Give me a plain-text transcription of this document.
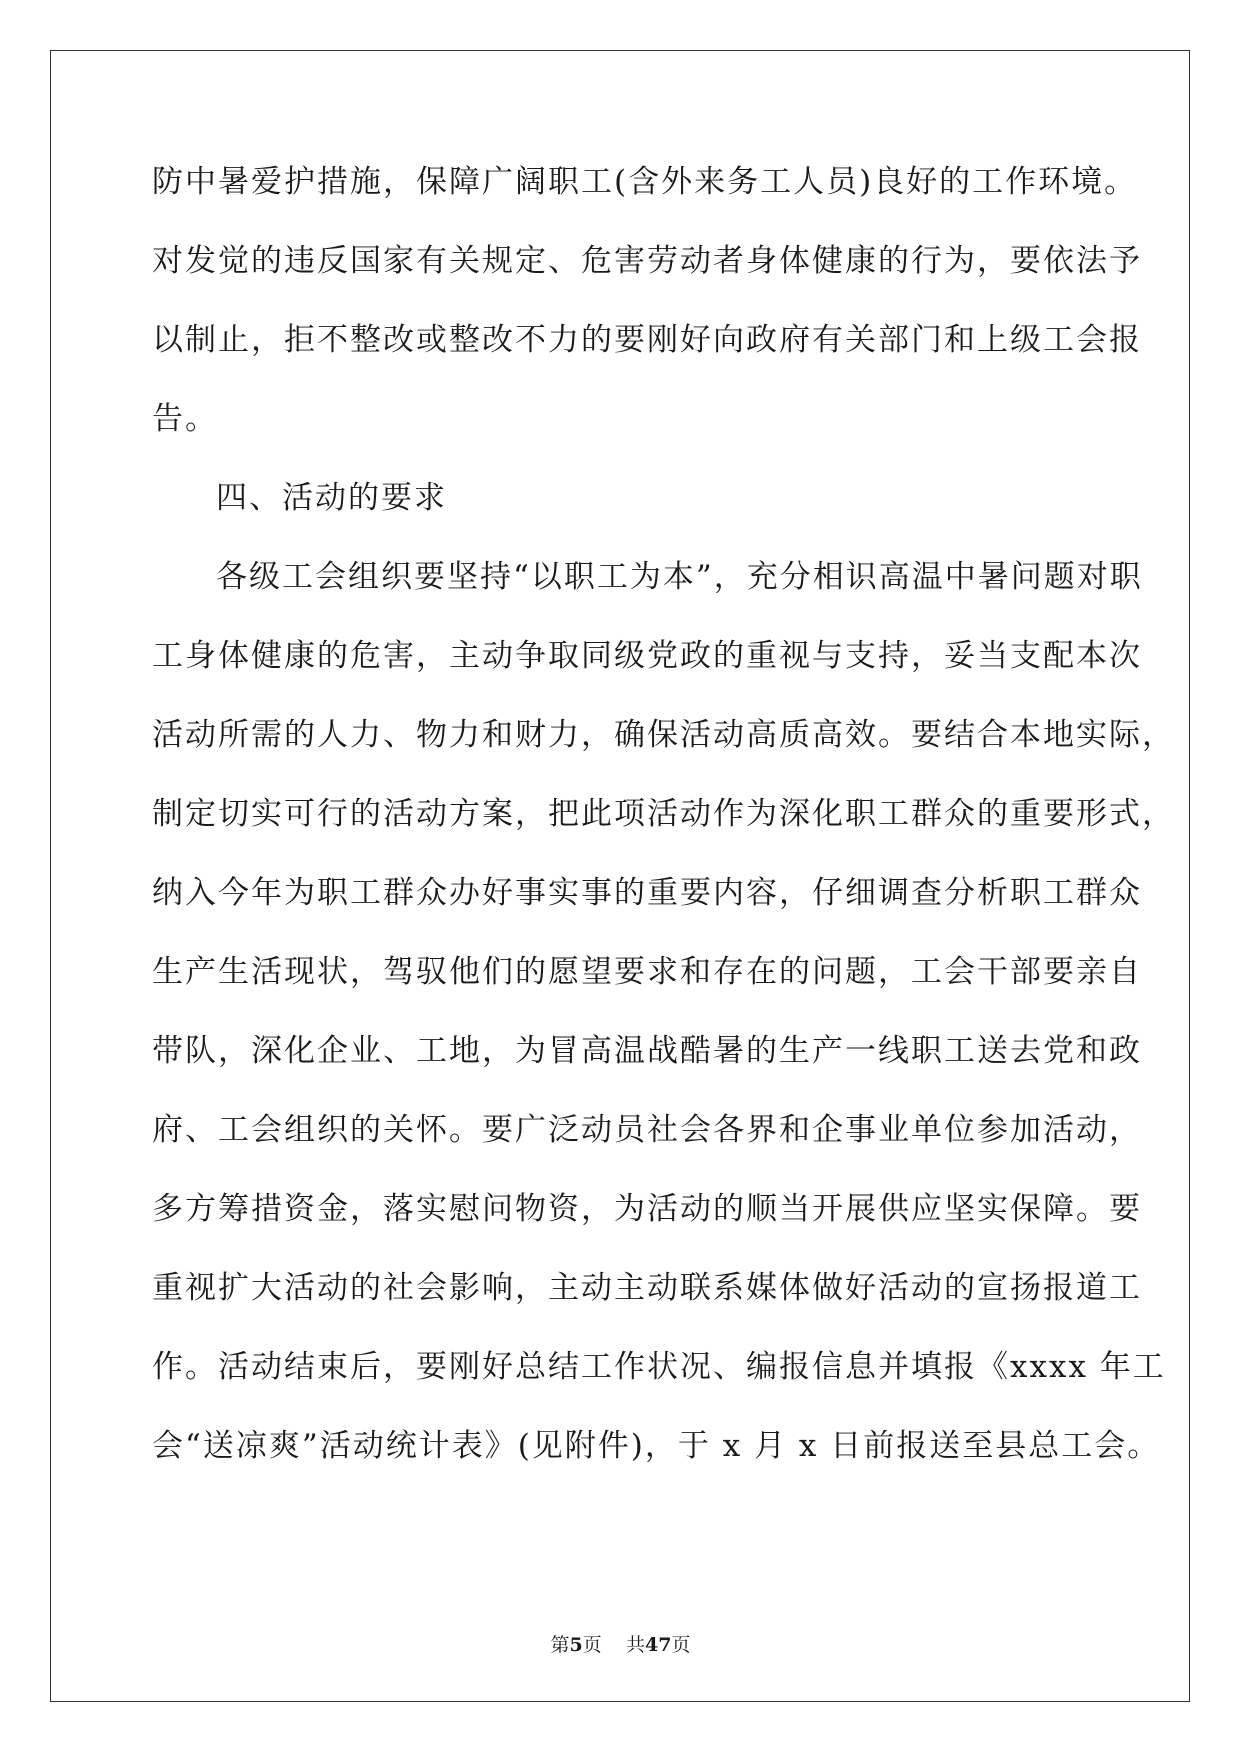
防中暑爱护措施，保障广阔职工(含外来务工人员)良好的工作环境。
对发觉的违反国家有关规定、危害劳动者身体健康的行为，要依法予
以制止，拒不整改或整改不力的要刚好向政府有关部门和上级工会报
告。
四、活动的要求
各级工会组织要坚持“以职工为本”，充分相识高温中暑问题对职
工身体健康的危害，主动争取同级党政的重视与支持，妥当支配本次
活动所需的人力、物力和财力，确保活动高质高效。要结合本地实际，
制定切实可行的活动方案，把此项活动作为深化职工群众的重要形式，
纳入今年为职工群众办好事实事的重要内容，仔细调查分析职工群众
生产生活现状，驾驭他们的愿望要求和存在的问题，工会干部要亲自
带队，深化企业、工地，为冒高温战酷暑的生产一线职工送去党和政
府、工会组织的关怀。要广泛动员社会各界和企事业单位参加活动，
多方筹措资金，落实慰问物资，为活动的顺当开展供应坚实保障。要
重视扩大活动的社会影响，主动主动联系媒体做好活动的宣扬报道工
作。活动结束后，要刚好总结工作状况、编报信息并填报《xxxx 年工
会“送凉爽”活动统计表》(见附件)，于 x 月 x 日前报送至县总工会。
第5页 共47页
